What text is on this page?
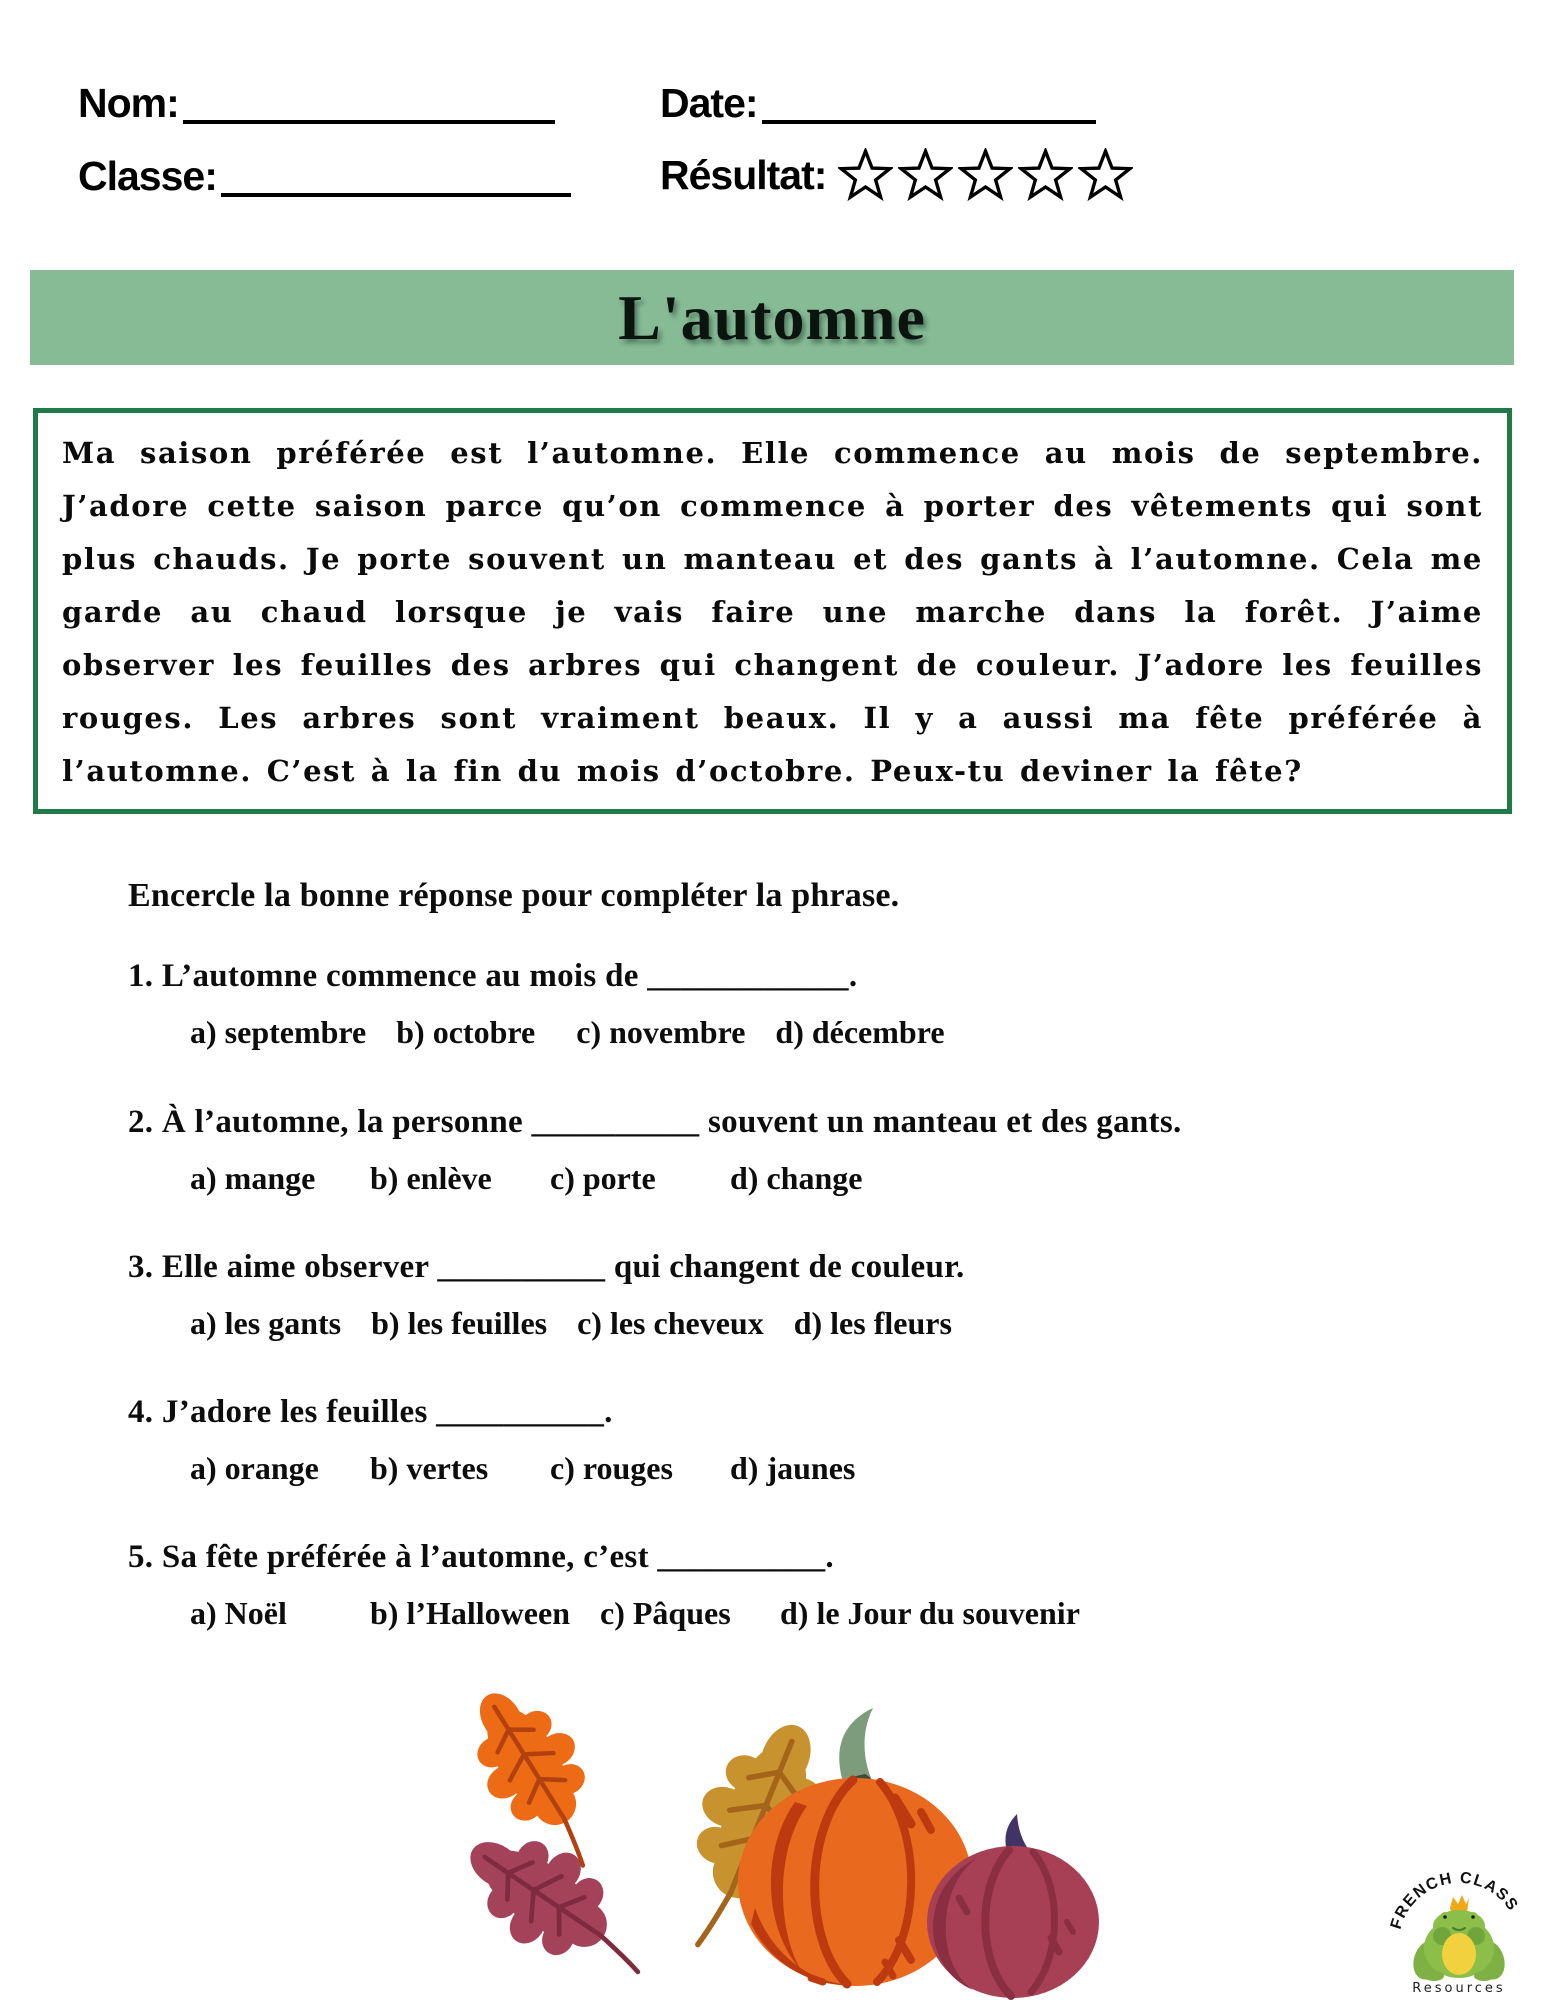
Nom:	Date:
Classe:	Résultat:
L'automne

Ma saison préférée est l’automne. Elle commence au mois de septembre. J’adore cette saison parce qu’on commence à porter des vêtements qui sont plus chauds. Je porte souvent un manteau et des gants à l’automne. Cela me garde au chaud lorsque je vais faire une marche dans la forêt. J’aime observer les feuilles des arbres qui changent de couleur. J’adore les feuilles rouges. Les arbres sont vraiment beaux. Il y a aussi ma fête préférée à l’automne. C’est à la fin du mois d’octobre. Peux-tu deviner la fête?

Encercle la bonne réponse pour compléter la phrase.
1. L’automne commence au mois de ____________.
a) septembre b) octobre	c) novembre d) décembre
2. À l’automne, la personne __________ souvent un manteau et des gants.
a) mange	b) enlève	c) porte	d) change
3. Elle aime observer __________ qui changent de couleur.
a) les gants b) les feuilles c) les cheveux d) les fleurs
4. J’adore les feuilles __________.
a) orange	b) vertes	c) rouges	d) jaunes
5. Sa fête préférée à l’automne, c’est __________.
a) Noël	b) l’Halloween c) Pâques	d) le Jour du souvenir
FRENCH CLASS
Resources
